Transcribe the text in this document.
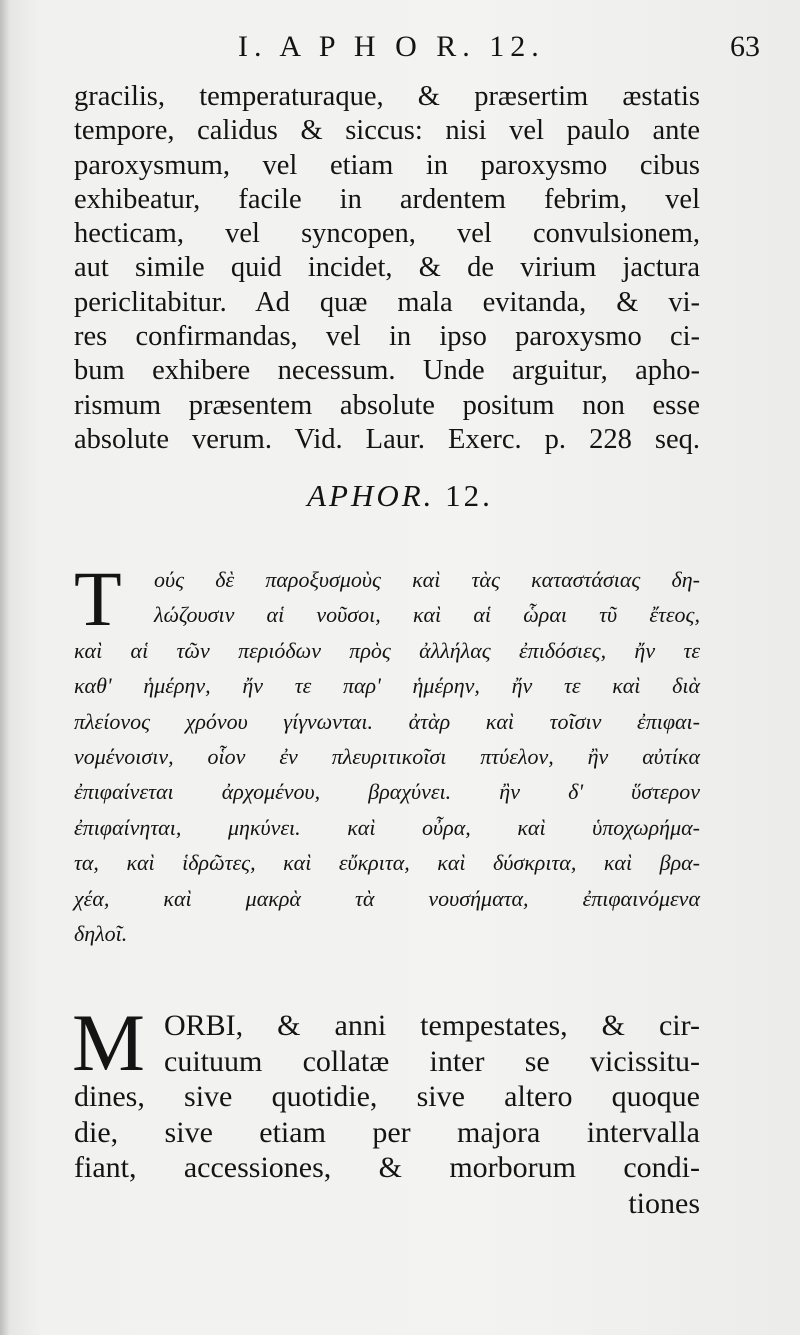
I. A P H O R. 12.	63
gracilis, temperaturaque, & præsertim æstatis
tempore, calidus & siccus: nisi vel paulo ante
paroxysmum, vel etiam in paroxysmo cibus
exhibeatur, facile in ardentem febrim, vel
hecticam, vel syncopen, vel convulsionem,
aut simile quid incidet, & de virium jactura
periclitabitur. Ad quæ mala evitanda, & vi-
res confirmandas, vel in ipso paroxysmo ci-
bum exhibere necessum. Unde arguitur, apho-
rismum præsentem absolute positum non esse
absolute verum. Vid. Laur. Exerc. p. 228 seq.
APHOR. 12.
T	ούς δὲ παροξυσμοὺς καὶ τὰς καταστάσιας δη-
λώζουσιν αἱ νοῦσοι, καὶ αἱ ὧραι τῦ ἔτεος,
καὶ αἱ τῶν περιόδων πρὸς ἀλλήλας ἐπιδόσιες, ἤν τε
καθ' ἡμέρην, ἤν τε παρ' ἡμέρην, ἤν τε καὶ διὰ
πλείονος χρόνου γίγνωνται. ἀτὰρ καὶ τοῖσιν ἐπιφαι-
νομένοισιν, οἷον ἐν πλευριτικοῖσι πτύελον, ἢν αὐτίκα
ἐπιφαίνεται ἀρχομένου, βραχύνει. ἢν δ' ὕστερον
ἐπιφαίνηται, μηκύνει. καὶ οὖρα, καὶ ὑποχωρήμα-
τα, καὶ ἱδρῶτες, καὶ εὔκριτα, καὶ δύσκριτα, καὶ βρα-
χέα, καὶ μακρὰ τὰ νουσήματα, ἐπιφαινόμενα
δηλοῖ.
M ORBI, & anni tempestates, & cir-
cuituum collatæ inter se vicissitu-
dines, sive quotidie, sive altero quoque
die, sive etiam per majora intervalla
fiant, accessiones, & morborum condi-
tiones
